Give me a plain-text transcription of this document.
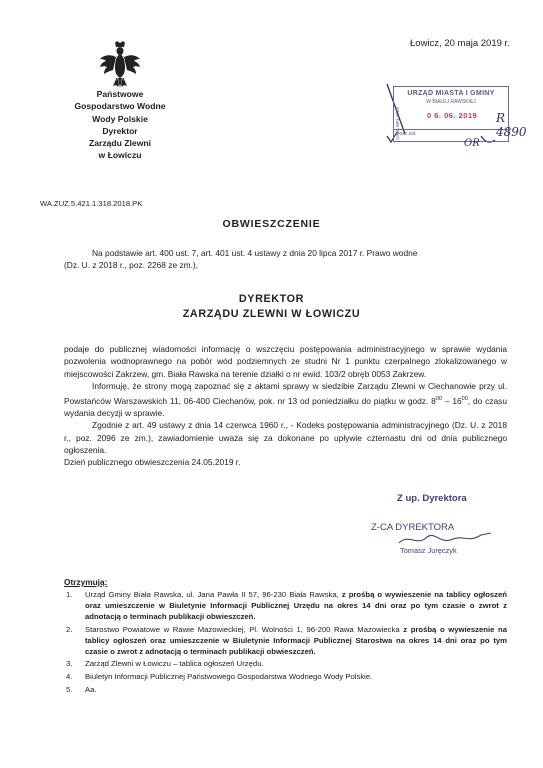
Łowicz, 20 maja 2019 r.
Państwowe
Gospodarstwo Wodne
Wody Polskie
Dyrektor
Zarządu Zlewni
w Łowiczu
URZĄD MIASTA I GMINY
W BIAŁEJ RAWSKIEJ
DATA WPŁYWU	0 6. 06. 2019
Ilość zał.
R 4890
OR
WA.ZUZ.5.421.1.318.2018.PK
OBWIESZCZENIE
Na podstawie art. 400 ust. 7, art. 401 ust. 4 ustawy z dnia 20 lipca 2017 r. Prawo wodne
(Dz. U. z 2018 r., poz. 2268 ze zm.),
DYREKTOR
ZARZĄDU ZLEWNI W ŁOWICZU

podaje do publicznej wiadomości informację o wszczęciu postępowania administracyjnego w sprawie wydania pozwolenia wodnoprawnego na pobór wód podziemnych ze studni Nr 1 punktu czerpalnego zlokalizowanego w miejscowości Zakrzew, gm. Biała Rawska na terenie działki o nr ewid. 103/2 obręb 0053 Zakrzew.

Informuję, że strony mogą zapoznać się z aktami sprawy w siedzibie Zarządu Zlewni w Ciechanowie przy ul. Powstańców Warszawskich 11, 06-400 Ciechanów, pok. nr 13 od poniedziałku do piątku w godz. $8^{00} - 16^{00}$, do czasu wydania decyzji w sprawie.

Zgodnie z art. 49 ustawy z dnia 14 czerwca 1960 r., - Kodeks postępowania administracyjnego (Dz. U. z 2018 r., poz. 2096 ze zm.), zawiadomienie uważa się za dokonane po upływie czternastu dni od dnia publicznego ogłoszenia.

Dzień publicznego obwieszczenia 24.05.2019 r.

Z up. Dyrektora
Z-CA DYREKTORA
Tomasz Juręczyk
Otrzymują:
1. Urząd Gminy Biała Rawska, ul. Jana Pawła II 57, 96-230 Biała Rawska, z prośbą o wywieszenie na tablicy ogłoszeń oraz umieszczenie w Biuletynie Informacji Publicznej Urzędu na okres 14 dni oraz po tym czasie o zwrot z adnotacją o terminach publikacji obwieszczeń.
2. Starostwo Powiatowe w Rawie Mazowieckiej, Pl. Wolności 1, 96-200 Rawa Mazowiecka z prośbą o wywieszenie na tablicy ogłoszeń oraz umieszczenie w Biuletynie Informacji Publicznej Starostwa na okres 14 dni oraz po tym czasie o zwrot z adnotacją o terminach publikacji obwieszczeń.
3. Zarząd Zlewni w Łowiczu – tablica ogłoszeń Urzędu.
4. Biuletyn Informacji Publicznej Państwowego Gospodarstwa Wodnego Wody Polskie.
5. Aa.
